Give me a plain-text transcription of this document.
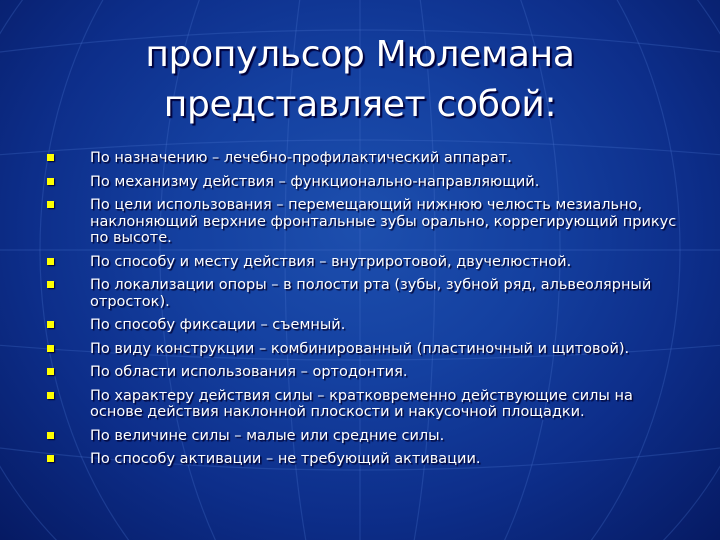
пропульсор Мюлемана
представляет собой:
По назначению – лечебно-профилактический аппарат.
По механизму действия – функционально-направляющий.
По цели использования – перемещающий нижнюю челюсть мезиально, наклоняющий верхние фронтальные зубы орально, коррегирующий прикус по высоте.
По способу и месту действия – внутриротовой, двучелюстной.
По локализации опоры – в полости рта (зубы, зубной ряд, альвеолярный отросток).
По способу фиксации – съемный.
По виду конструкции – комбинированный (пластиночный и щитовой).
По области использования – ортодонтия.
По характеру действия силы – кратковременно действующие силы на основе действия наклонной плоскости и накусочной площадки.
По величине силы – малые или средние силы.
По способу активации – не требующий активации.
